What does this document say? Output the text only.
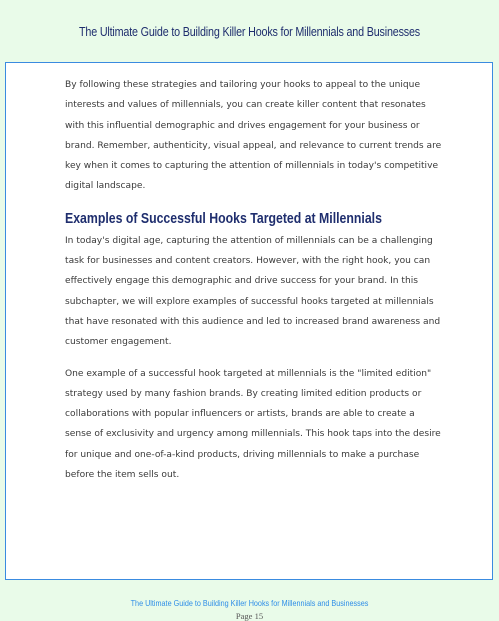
The Ultimate Guide to Building Killer Hooks for Millennials and Businesses

By following these strategies and tailoring your hooks to appeal to the unique interests and values of millennials, you can create killer content that resonates with this influential demographic and drives engagement for your business or brand. Remember, authenticity, visual appeal, and relevance to current trends are key when it comes to capturing the attention of millennials in today's competitive digital landscape.

Examples of Successful Hooks Targeted at Millennials

In today's digital age, capturing the attention of millennials can be a challenging task for businesses and content creators. However, with the right hook, you can effectively engage this demographic and drive success for your brand. In this subchapter, we will explore examples of successful hooks targeted at millennials that have resonated with this audience and led to increased brand awareness and customer engagement.

One example of a successful hook targeted at millennials is the "limited edition" strategy used by many fashion brands. By creating limited edition products or collaborations with popular influencers or artists, brands are able to create a sense of exclusivity and urgency among millennials. This hook taps into the desire for unique and one-of-a-kind products, driving millennials to make a purchase before the item sells out.

The Ultimate Guide to Building Killer Hooks for Millennials and Businesses
Page 15
